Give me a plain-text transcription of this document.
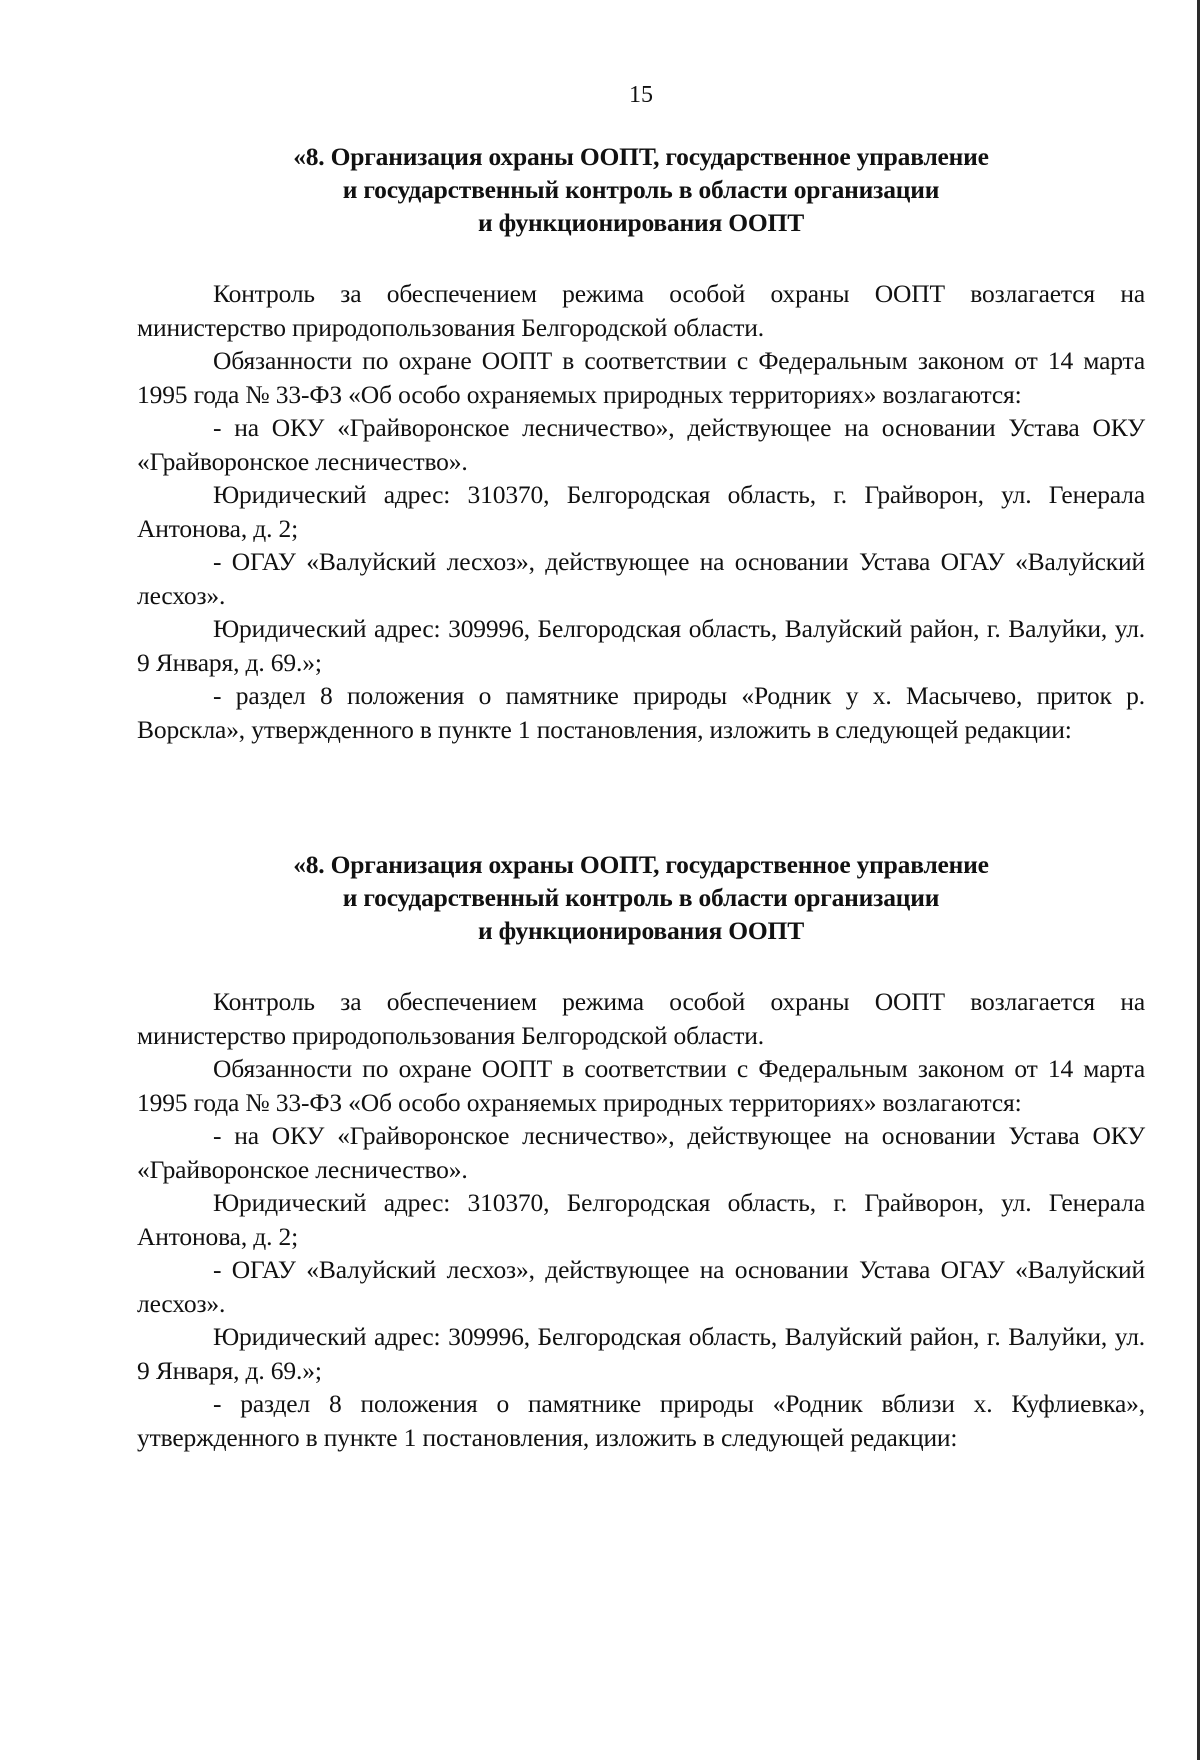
15
«8. Организация охраны ООПТ, государственное управление
и государственный контроль в области организации
и функционирования ООПТ

Контроль за обеспечением режима особой охраны ООПТ возлагается на министерство природопользования Белгородской области.

Обязанности по охране ООПТ в соответствии с Федеральным законом от 14 марта 1995 года № 33-ФЗ «Об особо охраняемых природных территориях» возлагаются:

- на ОКУ «Грайворонское лесничество», действующее на основании Устава ОКУ «Грайворонское лесничество».

Юридический адрес: 310370, Белгородская область, г. Грайворон, ул. Генерала Антонова, д. 2;

- ОГАУ «Валуйский лесхоз», действующее на основании Устава ОГАУ «Валуйский лесхоз».

Юридический адрес: 309996, Белгородская область, Валуйский район, г. Валуйки, ул. 9 Января, д. 69.»;

- раздел 8 положения о памятнике природы «Родник у х. Масычево, приток р. Ворскла», утвержденного в пункте 1 постановления, изложить в следующей редакции:

«8. Организация охраны ООПТ, государственное управление
и государственный контроль в области организации
и функционирования ООПТ

Контроль за обеспечением режима особой охраны ООПТ возлагается на министерство природопользования Белгородской области.

Обязанности по охране ООПТ в соответствии с Федеральным законом от 14 марта 1995 года № 33-ФЗ «Об особо охраняемых природных территориях» возлагаются:

- на ОКУ «Грайворонское лесничество», действующее на основании Устава ОКУ «Грайворонское лесничество».

Юридический адрес: 310370, Белгородская область, г. Грайворон, ул. Генерала Антонова, д. 2;

- ОГАУ «Валуйский лесхоз», действующее на основании Устава ОГАУ «Валуйский лесхоз».

Юридический адрес: 309996, Белгородская область, Валуйский район, г. Валуйки, ул. 9 Января, д. 69.»;

- раздел 8 положения о памятнике природы «Родник вблизи х. Куфлиевка», утвержденного в пункте 1 постановления, изложить в следующей редакции:
